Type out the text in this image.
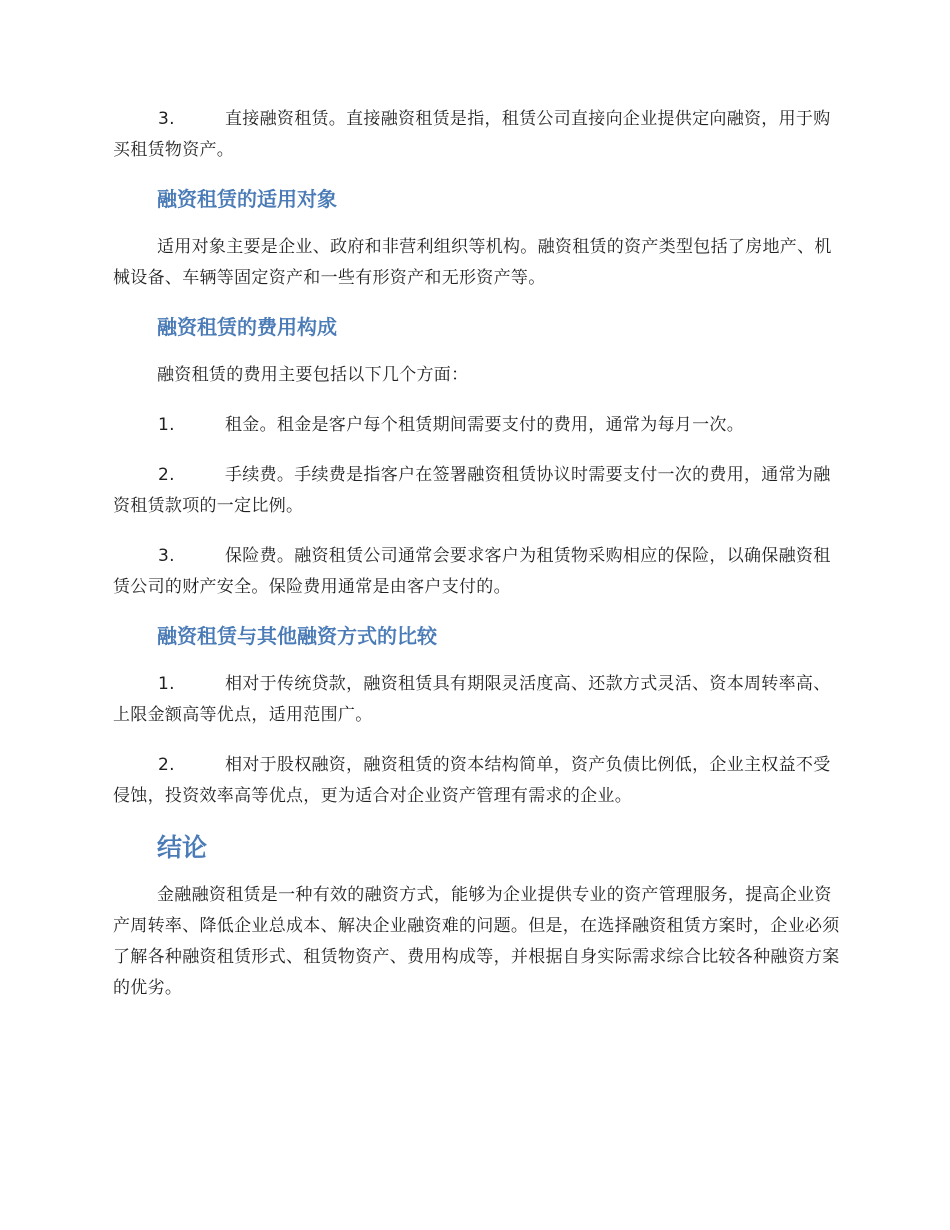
3.	直接融资租赁。直接融资租赁是指，租赁公司直接向企业提供定向融资，用于购买租赁物资产。
融资租赁的适用对象
适用对象主要是企业、政府和非营利组织等机构。融资租赁的资产类型包括了房地产、机械设备、车辆等固定资产和一些有形资产和无形资产等。
融资租赁的费用构成
融资租赁的费用主要包括以下几个方面：
1.	租金。租金是客户每个租赁期间需要支付的费用，通常为每月一次。
2.	手续费。手续费是指客户在签署融资租赁协议时需要支付一次的费用，通常为融资租赁款项的一定比例。
3.	保险费。融资租赁公司通常会要求客户为租赁物采购相应的保险，以确保融资租赁公司的财产安全。保险费用通常是由客户支付的。
融资租赁与其他融资方式的比较
1.	相对于传统贷款，融资租赁具有期限灵活度高、还款方式灵活、资本周转率高、上限金额高等优点，适用范围广。
2.	相对于股权融资，融资租赁的资本结构简单，资产负债比例低，企业主权益不受侵蚀，投资效率高等优点，更为适合对企业资产管理有需求的企业。
结论
金融融资租赁是一种有效的融资方式，能够为企业提供专业的资产管理服务，提高企业资产周转率、降低企业总成本、解决企业融资难的问题。但是，在选择融资租赁方案时，企业必须了解各种融资租赁形式、租赁物资产、费用构成等，并根据自身实际需求综合比较各种融资方案的优劣。
